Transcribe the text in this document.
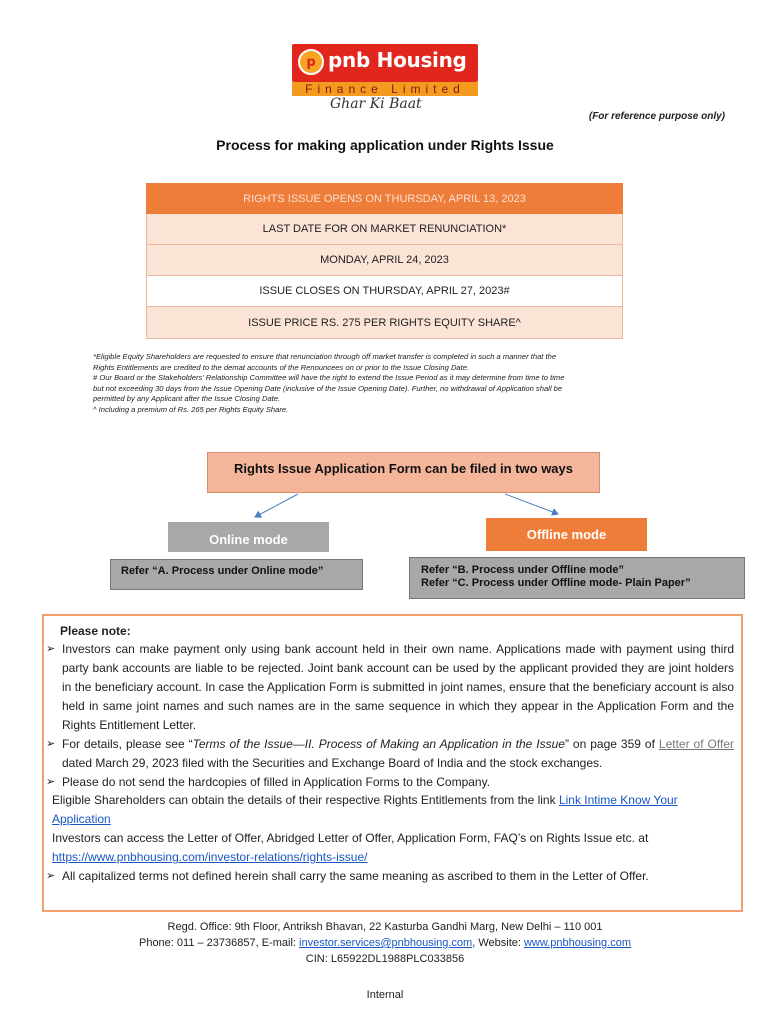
p pnb Housing
Finance Limited
Ghar Ki Baat
(For reference purpose only)
Process for making application under Rights Issue
RIGHTS ISSUE OPENS ON THURSDAY, APRIL 13, 2023
LAST DATE FOR ON MARKET RENUNCIATION*
MONDAY, APRIL 24, 2023
ISSUE CLOSES ON THURSDAY, APRIL 27, 2023#
ISSUE PRICE RS. 275 PER RIGHTS EQUITY SHARE^
*Eligible Equity Shareholders are requested to ensure that renunciation through off market transfer is completed in such a manner that the
Rights Entitlements are credited to the demat accounts of the Renouncees on or prior to the Issue Closing Date.
# Our Board or the Stakeholders’ Relationship Committee will have the right to extend the Issue Period as it may determine from time to time
but not exceeding 30 days from the Issue Opening Date (inclusive of the Issue Opening Date). Further, no withdrawal of Application shall be
permitted by any Applicant after the Issue Closing Date.
^ Including a premium of Rs. 265 per Rights Equity Share.
Rights Issue Application Form can be filed in two ways
Online mode	Offline mode
Refer “A. Process under Online mode”	Refer “B. Process under Offline mode”
Refer “C. Process under Offline mode- Plain Paper”
Please note:
➢ Investors can make payment only using bank account held in their own name. Applications made with payment using third party bank accounts are liable to be rejected. Joint bank account can be used by the applicant provided they are joint holders in the beneficiary account. In case the Application Form is submitted in joint names, ensure that the beneficiary account is also held in same joint names and such names are in the same sequence in which they appear in the Application Form and the Rights Entitlement Letter.
➢ For details, please see “Terms of the Issue—II. Process of Making an Application in the Issue” on page 359 of Letter of Offer dated March 29, 2023 filed with the Securities and Exchange Board of India and the stock exchanges.
➢ Please do not send the hardcopies of filled in Application Forms to the Company.
Eligible Shareholders can obtain the details of their respective Rights Entitlements from the link Link Intime Know Your Application
Investors can access the Letter of Offer, Abridged Letter of Offer, Application Form, FAQ’s on Rights Issue etc. at
https://www.pnbhousing.com/investor-relations/rights-issue/
➢ All capitalized terms not defined herein shall carry the same meaning as ascribed to them in the Letter of Offer.
Regd. Office: 9th Floor, Antriksh Bhavan, 22 Kasturba Gandhi Marg, New Delhi – 110 001
Phone: 011 – 23736857, E-mail: investor.services@pnbhousing.com, Website: www.pnbhousing.com
CIN: L65922DL1988PLC033856
Internal
